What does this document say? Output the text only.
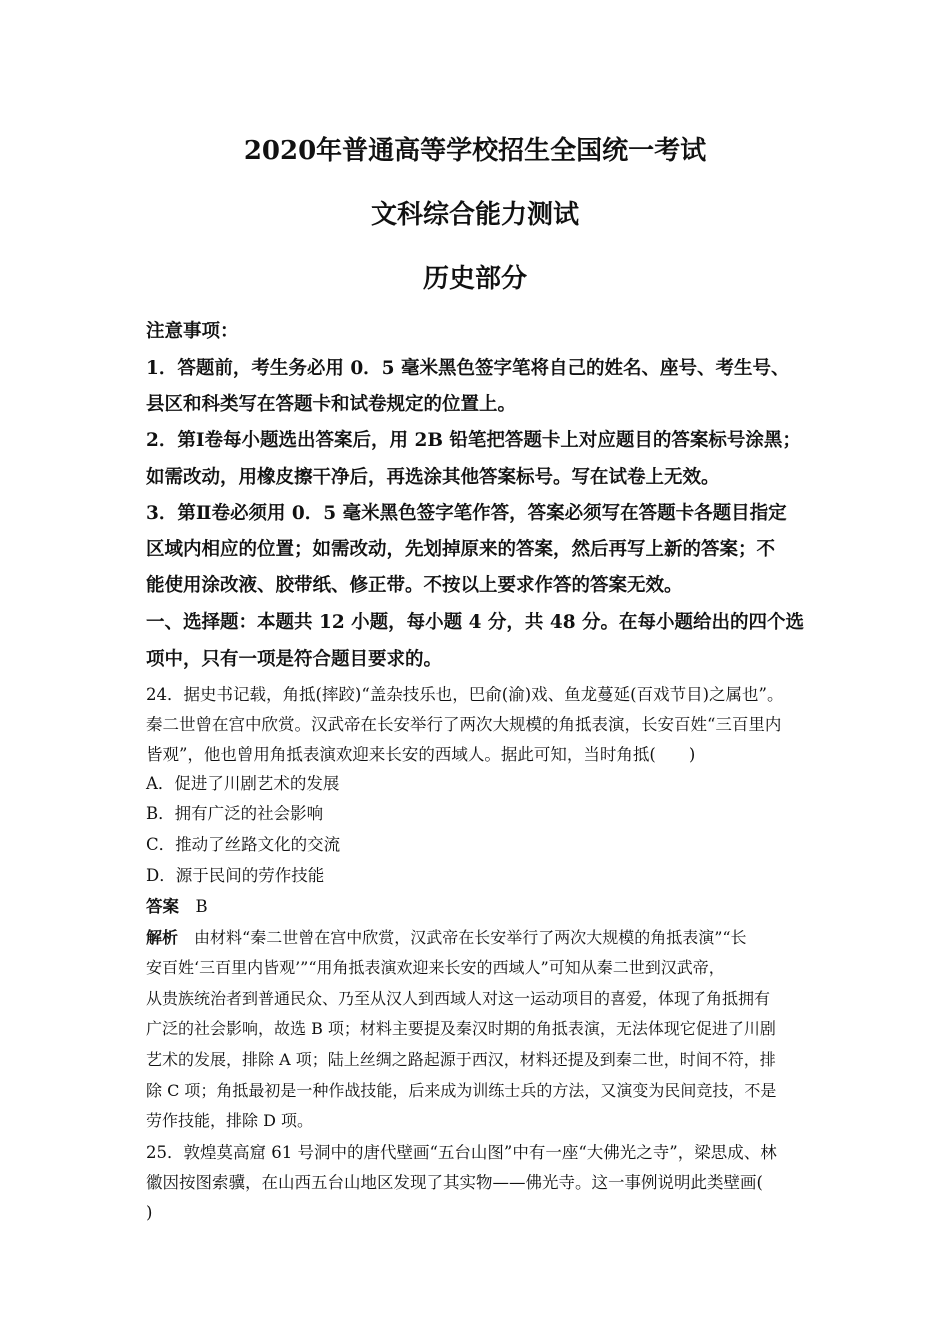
2020年普通高等学校招生全国统一考试
文科综合能力测试
历史部分
注意事项：
1．答题前，考生务必用 0．5 毫米黑色签字笔将自己的姓名、座号、考生号、
县区和科类写在答题卡和试卷规定的位置上。
2．第Ⅰ卷每小题选出答案后，用 2B 铅笔把答题卡上对应题目的答案标号涂黑；
如需改动，用橡皮擦干净后，再选涂其他答案标号。写在试卷上无效。
3．第Ⅱ卷必须用 0．5 毫米黑色签字笔作答，答案必须写在答题卡各题目指定
区域内相应的位置；如需改动，先划掉原来的答案，然后再写上新的答案；不
能使用涂改液、胶带纸、修正带。不按以上要求作答的答案无效。
一、选择题：本题共 12 小题，每小题 4 分，共 48 分。在每小题给出的四个选
项中，只有一项是符合题目要求的。
24．据史书记载，角抵(摔跤)“盖杂技乐也，巴俞(渝)戏、鱼龙蔓延(百戏节目)之属也”。
秦二世曾在宫中欣赏。汉武帝在长安举行了两次大规模的角抵表演，长安百姓“三百里内
皆观”，他也曾用角抵表演欢迎来长安的西域人。据此可知，当时角抵(　　)
A．促进了川剧艺术的发展
B．拥有广泛的社会影响
C．推动了丝路文化的交流
D．源于民间的劳作技能
答案  B
解析  由材料“秦二世曾在宫中欣赏，汉武帝在长安举行了两次大规模的角抵表演”“长
安百姓‘三百里内皆观’”“用角抵表演欢迎来长安的西域人”可知从秦二世到汉武帝，
从贵族统治者到普通民众、乃至从汉人到西域人对这一运动项目的喜爱，体现了角抵拥有
广泛的社会影响，故选 B 项；材料主要提及秦汉时期的角抵表演，无法体现它促进了川剧
艺术的发展，排除 A 项；陆上丝绸之路起源于西汉，材料还提及到秦二世，时间不符，排
除 C 项；角抵最初是一种作战技能，后来成为训练士兵的方法，又演变为民间竞技，不是
劳作技能，排除 D 项。
25．敦煌莫高窟 61 号洞中的唐代壁画“五台山图”中有一座“大佛光之寺”，梁思成、林
徽因按图索骥，在山西五台山地区发现了其实物——佛光寺。这一事例说明此类壁画(
)
